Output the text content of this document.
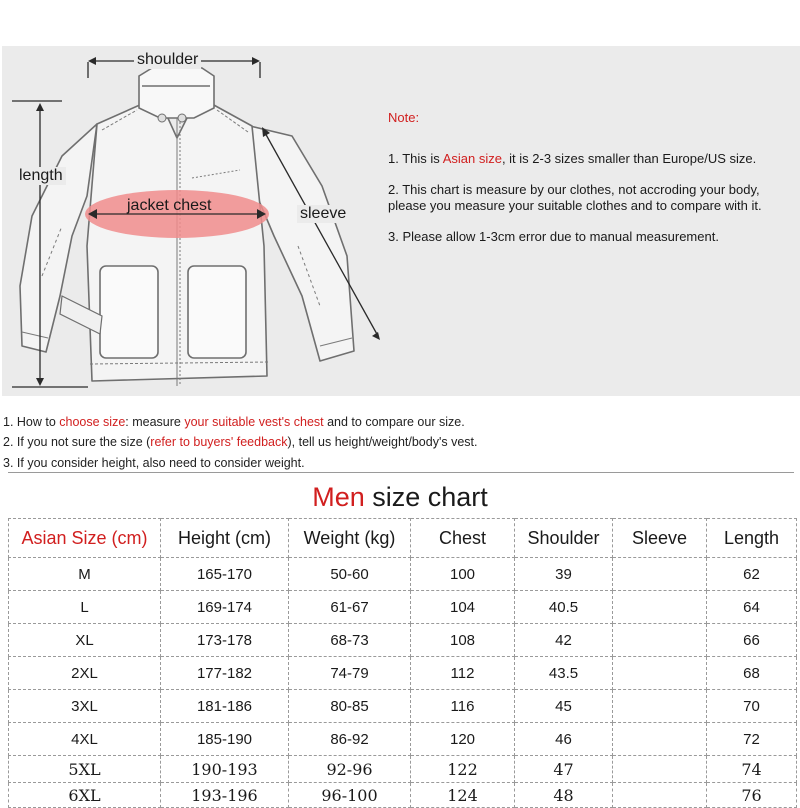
shoulder
length
sleeve
jacket chest
Note:

1. This is Asian size, it is 2-3 sizes smaller than Europe/US size.

2. This chart is measure by our clothes, not accroding your body,
please you measure your suitable clothes and to compare with it.

3. Please allow 1-3cm error due to manual measurement.

1. How to choose size: measure your suitable vest's chest and to compare our size.

2. If you not sure the size (refer to buyers' feedback), tell us height/weight/body's vest.

3. If you consider height, also need to consider weight.

Men size chart
Asian Size (cm)	Height (cm)	Weight (kg)	Chest	Shoulder	Sleeve	Length
M	165-170	50-60	100	39		62
L	169-174	61-67	104	40.5		64
XL	173-178	68-73	108	42		66
2XL	177-182	74-79	112	43.5		68
3XL	181-186	80-85	116	45		70
4XL	185-190	86-92	120	46		72
5XL	190-193	92-96	122	47		74
6XL	193-196	96-100	124	48		76
